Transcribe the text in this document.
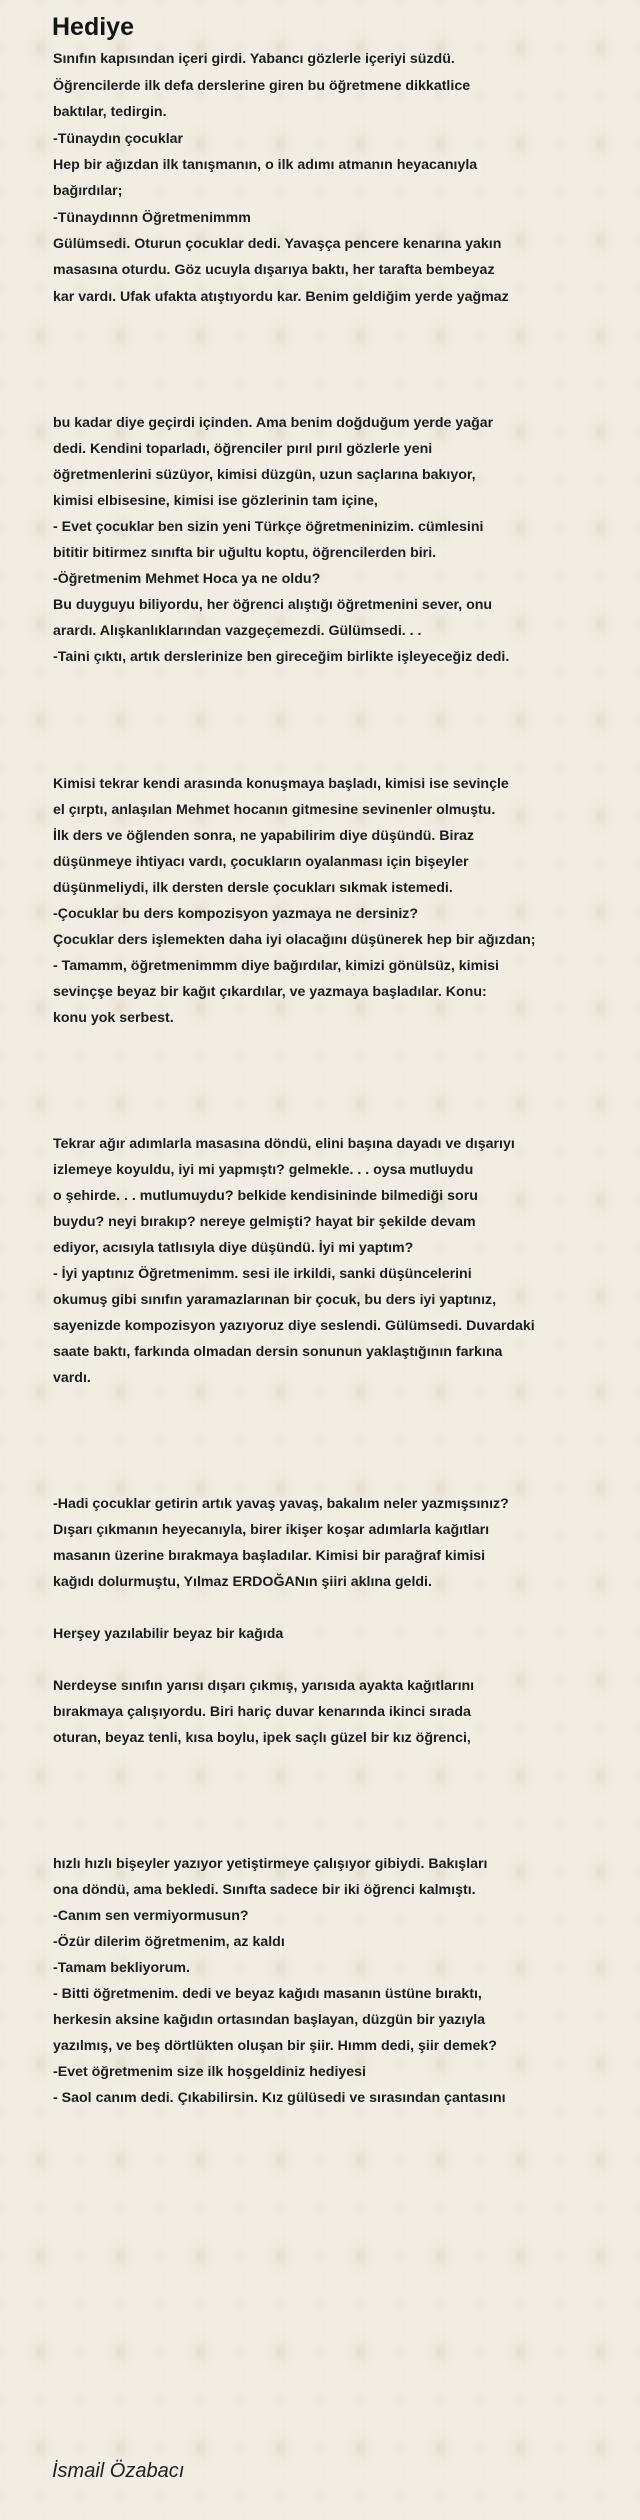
Hediye
Sınıfın kapısından içeri girdi. Yabancı gözlerle içeriyi süzdü.
Öğrencilerde ilk defa derslerine giren bu öğretmene dikkatlice
baktılar, tedirgin.
-Tünaydın çocuklar
Hep bir ağızdan ilk tanışmanın, o ilk adımı atmanın heyacanıyla
bağırdılar;
-Tünaydınnn Öğretmenimmm
Gülümsedi. Oturun çocuklar dedi. Yavaşça pencere kenarına yakın
masasına oturdu. Göz ucuyla dışarıya baktı, her tarafta bembeyaz
kar vardı. Ufak ufakta atıştıyordu kar. Benim geldiğim yerde yağmaz
bu kadar diye geçirdi içinden. Ama benim doğduğum yerde yağar
dedi. Kendini toparladı, öğrenciler pırıl pırıl gözlerle yeni
öğretmenlerini süzüyor, kimisi düzgün, uzun saçlarına bakıyor,
kimisi elbisesine, kimisi ise gözlerinin tam içine,
- Evet çocuklar ben sizin yeni Türkçe öğretmeninizim. cümlesini
bititir bitirmez sınıfta bir uğultu koptu, öğrencilerden biri.
-Öğretmenim Mehmet Hoca ya ne oldu?
Bu duyguyu biliyordu, her öğrenci alıştığı öğretmenini sever, onu
arardı. Alışkanlıklarından vazgeçemezdi. Gülümsedi. . .
-Taini çıktı, artık derslerinize ben gireceğim birlikte işleyeceğiz dedi.
Kimisi tekrar kendi arasında konuşmaya başladı, kimisi ise sevinçle
el çırptı, anlaşılan Mehmet hocanın gitmesine sevinenler olmuştu.
İlk ders ve öğlenden sonra, ne yapabilirim diye düşündü. Biraz
düşünmeye ihtiyacı vardı, çocukların oyalanması için bişeyler
düşünmeliydi, ilk dersten dersle çocukları sıkmak istemedi.
-Çocuklar bu ders kompozisyon yazmaya ne dersiniz?
Çocuklar ders işlemekten daha iyi olacağını düşünerek hep bir ağızdan;
- Tamamm, öğretmenimmm diye bağırdılar, kimizi gönülsüz, kimisi
sevinçşe beyaz bir kağıt çıkardılar, ve yazmaya başladılar. Konu:
konu yok serbest.
Tekrar ağır adımlarla masasına döndü, elini başına dayadı ve dışarıyı
izlemeye koyuldu, iyi mi yapmıştı? gelmekle. . . oysa mutluydu
o şehirde. . . mutlumuydu? belkide kendisininde bilmediği soru
buydu? neyi bırakıp? nereye gelmişti? hayat bir şekilde devam
ediyor, acısıyla tatlısıyla diye düşündü. İyi mi yaptım?
- İyi yaptınız Öğretmenimm. sesi ile irkildi, sanki düşüncelerini
okumuş gibi sınıfın yaramazlarınan bir çocuk, bu ders iyi yaptınız,
sayenizde kompozisyon yazıyoruz diye seslendi. Gülümsedi. Duvardaki
saate baktı, farkında olmadan dersin sonunun yaklaştığının farkına
vardı.
-Hadi çocuklar getirin artık yavaş yavaş, bakalım neler yazmışsınız?
Dışarı çıkmanın heyecanıyla, birer ikişer koşar adımlarla kağıtları
masanın üzerine bırakmaya başladılar. Kimisi bir parağraf kimisi
kağıdı dolurmuştu, Yılmaz ERDOĞANın şiiri aklına geldi.
Herşey yazılabilir beyaz bir kağıda
Nerdeyse sınıfın yarısı dışarı çıkmış, yarısıda ayakta kağıtlarını
bırakmaya çalışıyordu. Biri hariç duvar kenarında ikinci sırada
oturan, beyaz tenli, kısa boylu, ipek saçlı güzel bir kız öğrenci,
hızlı hızlı bişeyler yazıyor yetiştirmeye çalışıyor gibiydi. Bakışları
ona döndü, ama bekledi. Sınıfta sadece bir iki öğrenci kalmıştı.
-Canım sen vermiyormusun?
-Özür dilerim öğretmenim, az kaldı
-Tamam bekliyorum.
- Bitti öğretmenim. dedi ve beyaz kağıdı masanın üstüne bıraktı,
herkesin aksine kağıdın ortasından başlayan, düzgün bir yazıyla
yazılmış, ve beş dörtlükten oluşan bir şiir. Hımm dedi, şiir demek?
-Evet öğretmenim size ilk hoşgeldiniz hediyesi
- Saol canım dedi. Çıkabilirsin. Kız gülüsedi ve sırasından çantasını
İsmail Özabacı
